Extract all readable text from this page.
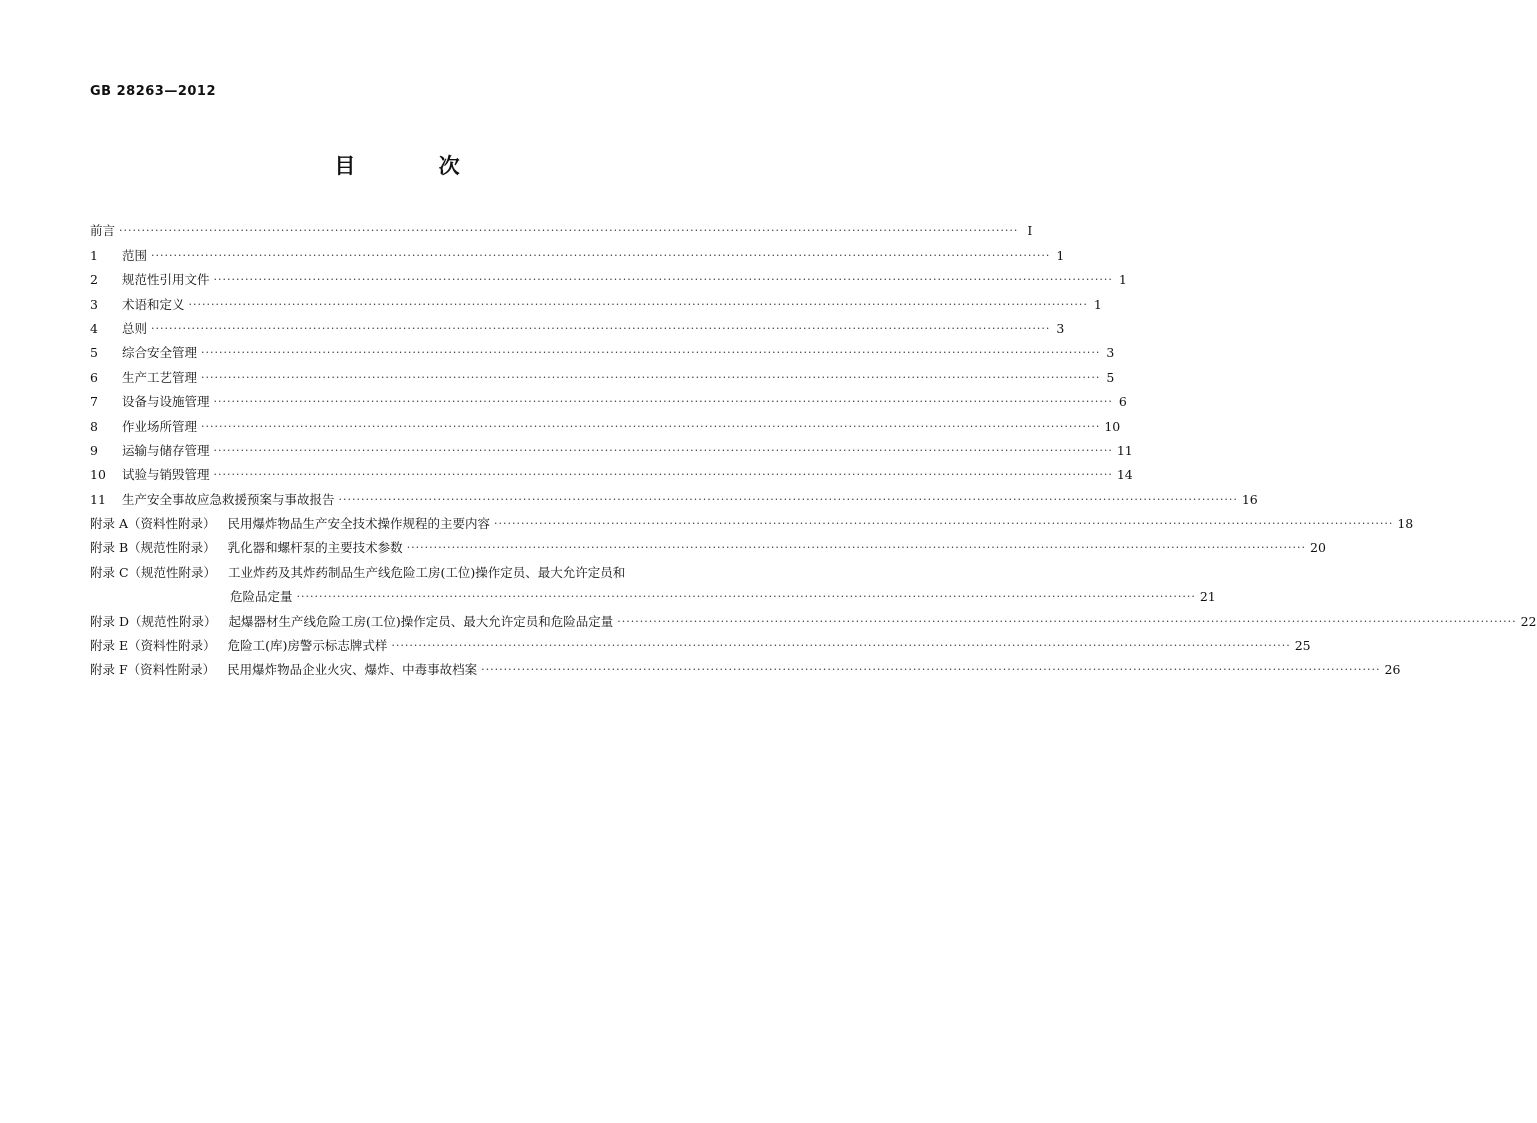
GB 28263—2012
目 次
前言 ········································································································································································································ I
1 范围 ········································································································································································································ 1
2 规范性引用文件 ········································································································································································································ 1
3 术语和定义 ········································································································································································································ 1
4 总则 ········································································································································································································ 3
5 综合安全管理 ········································································································································································································ 3
6 生产工艺管理 ········································································································································································································ 5
7 设备与设施管理 ········································································································································································································ 6
8 作业场所管理 ········································································································································································································ 10
9 运输与储存管理 ········································································································································································································ 11
10 试验与销毁管理 ········································································································································································································ 14
11 生产安全事故应急救援预案与事故报告 ········································································································································································································ 16
附录 A（资料性附录） 民用爆炸物品生产安全技术操作规程的主要内容 ········································································································································································································ 18
附录 B（规范性附录） 乳化器和螺杆泵的主要技术参数 ········································································································································································································ 20
附录 C（规范性附录） 工业炸药及其炸药制品生产线危险工房(工位)操作定员、最大允许定员和
危险品定量 ········································································································································································································ 21
附录 D（规范性附录） 起爆器材生产线危险工房(工位)操作定员、最大允许定员和危险品定量 ········································································································································································································ 22
附录 E（资料性附录） 危险工(库)房警示标志牌式样 ········································································································································································································ 25
附录 F（资料性附录） 民用爆炸物品企业火灾、爆炸、中毒事故档案 ········································································································································································································ 26
